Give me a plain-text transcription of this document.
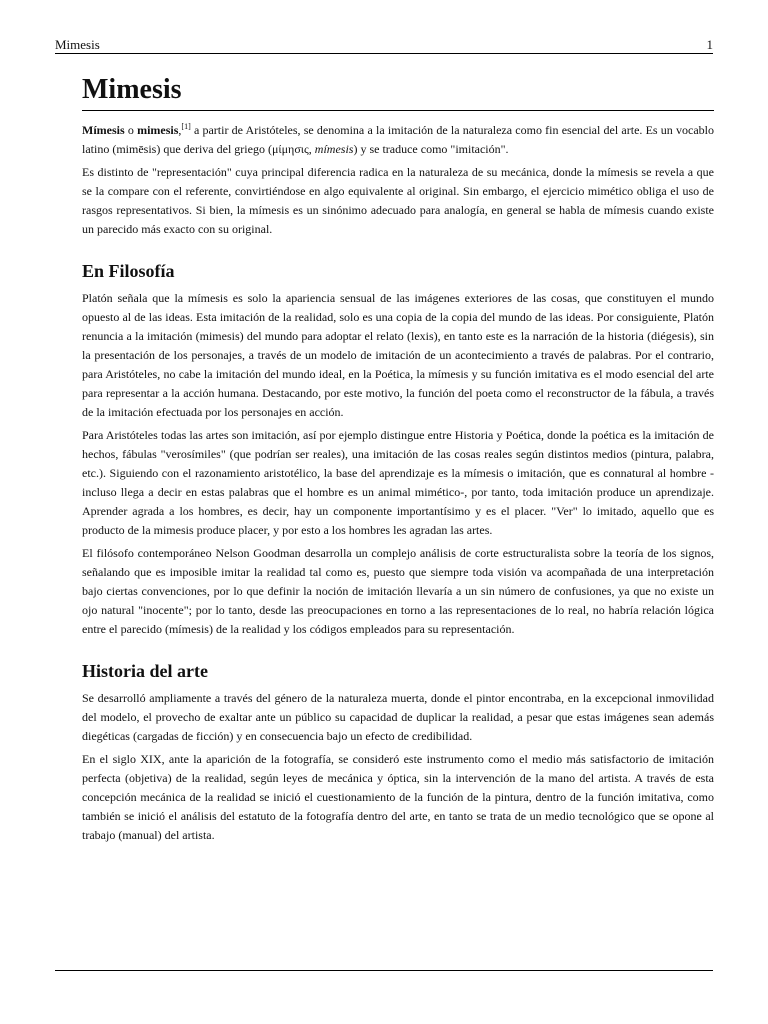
Mimesis	1
Mimesis

Mímesis o mimesis,[1] a partir de Aristóteles, se denomina a la imitación de la naturaleza como fin esencial del arte. Es un vocablo latino (mimēsis) que deriva del griego (μίμησις, mímesis) y se traduce como "imitación".

Es distinto de "representación" cuya principal diferencia radica en la naturaleza de su mecánica, donde la mímesis se revela a que se la compare con el referente, convirtiéndose en algo equivalente al original. Sin embargo, el ejercicio mimético obliga el uso de rasgos representativos. Si bien, la mímesis es un sinónimo adecuado para analogía, en general se habla de mímesis cuando existe un parecido más exacto con su original.

En Filosofía

Platón señala que la mímesis es solo la apariencia sensual de las imágenes exteriores de las cosas, que constituyen el mundo opuesto al de las ideas. Esta imitación de la realidad, solo es una copia de la copia del mundo de las ideas. Por consiguiente, Platón renuncia a la imitación (mimesis) del mundo para adoptar el relato (lexis), en tanto este es la narración de la historia (diégesis), sin la presentación de los personajes, a través de un modelo de imitación de un acontecimiento a través de palabras. Por el contrario, para Aristóteles, no cabe la imitación del mundo ideal, en la Poética, la mímesis y su función imitativa es el modo esencial del arte para representar a la acción humana. Destacando, por este motivo, la función del poeta como el reconstructor de la fábula, a través de la imitación efectuada por los personajes en acción.

Para Aristóteles todas las artes son imitación, así por ejemplo distingue entre Historia y Poética, donde la poética es la imitación de hechos, fábulas "verosímiles" (que podrían ser reales), una imitación de las cosas reales según distintos medios (pintura, palabra, etc.). Siguiendo con el razonamiento aristotélico, la base del aprendizaje es la mímesis o imitación, que es connatural al hombre -incluso llega a decir en estas palabras que el hombre es un animal mimético-, por tanto, toda imitación produce un aprendizaje. Aprender agrada a los hombres, es decir, hay un componente importantísimo y es el placer. "Ver" lo imitado, aquello que es producto de la mimesis produce placer, y por esto a los hombres les agradan las artes.

El filósofo contemporáneo Nelson Goodman desarrolla un complejo análisis de corte estructuralista sobre la teoría de los signos, señalando que es imposible imitar la realidad tal como es, puesto que siempre toda visión va acompañada de una interpretación bajo ciertas convenciones, por lo que definir la noción de imitación llevaría a un sin número de confusiones, ya que no existe un ojo natural "inocente"; por lo tanto, desde las preocupaciones en torno a las representaciones de lo real, no habría relación lógica entre el parecido (mímesis) de la realidad y los códigos empleados para su representación.

Historia del arte

Se desarrolló ampliamente a través del género de la naturaleza muerta, donde el pintor encontraba, en la excepcional inmovilidad del modelo, el provecho de exaltar ante un público su capacidad de duplicar la realidad, a pesar que estas imágenes sean además diegéticas (cargadas de ficción) y en consecuencia bajo un efecto de credibilidad.

En el siglo XIX, ante la aparición de la fotografía, se consideró este instrumento como el medio más satisfactorio de imitación perfecta (objetiva) de la realidad, según leyes de mecánica y óptica, sin la intervención de la mano del artista. A través de esta concepción mecánica de la realidad se inició el cuestionamiento de la función de la pintura, dentro de la función imitativa, como también se inició el análisis del estatuto de la fotografía dentro del arte, en tanto se trata de un medio tecnológico que se opone al trabajo (manual) del artista.
